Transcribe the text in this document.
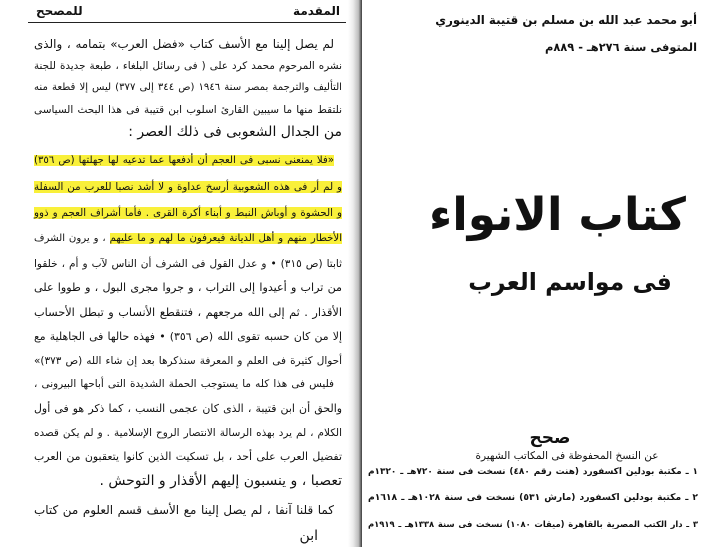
للمصحح	المقدمة
لم يصل إلينا مع الأسف كتاب «فضل العرب» بتمامه ، والذى
نشره المرحوم محمد كرد على ( فى رسائل البلغاء ، طبعة جديدة للجنة
التأليف والترجمة بمصر سنة ١٩٤٦ (ص ٣٤٤ إلى ٣٧٧) ليس إلا قطعة منه
نلتقط منها ما سيبين القارئ اسلوب ابن قتيبة فى هذا البحث السياسى
من الجدال الشعوبى فى ذلك العصر :
«فلا يمنعنى نسبى فى العجم أن أدفعها عما تدعيه لها جهلتها (ص ٣٥٦)
و لم أر فى هذه الشعوبية أرسخ عداوة و لا أشد نصبا للعرب من السفلة
و الحشوة و أوباش النبط و أبناء أكرة القرى . فأما أشراف العجم و ذوو
الأخطار منهم و أهل الديانة فيعرفون ما لهم و ما عليهم ، و يرون الشرف
ثابتا (ص ٣١٥) • و عدل القول فى الشرف أن الناس لآب و أم ، خلقوا
من تراب و أعيدوا إلى التراب ، و جروا مجرى البول ، و طووا على
الأقذار . ثم إلى الله مرجعهم ، فتنقطع الأنساب و تبطل الأحساب
إلا من كان حسبه تقوى الله (ص ٣٥٦) • فهذه حالها فى الجاهلية مع
أحوال كثيرة فى العلم و المعرفة سنذكرها بعد إن شاء الله (ص ٣٧٣)»
فليس فى هذا كله ما يستوجب الحملة الشديدة التى أباحها البيرونى ،
والحق أن ابن قتيبة ، الذى كان عجمى النسب ، كما ذكر هو فى أول
الكلام ، لم يرد بهذه الرسالة الانتصار الروح الإسلامية . و لم يكن قصده
تفضيل العرب على أحد ، بل تسكيت الذين كانوا يتعقبون من العرب
تعصبا ، و ينسبون إليهم الأقذار و التوحش .
كما قلنا آنفا ، لم يصل إلينا مع الأسف قسم العلوم من كتاب
ابن
أبو محمد عبد الله بن مسلم بن قتيبة الدينوري
المتوفى سنة ٢٧٦هـ - ٨٨٩م
كتاب الانواء
فى مواسم العرب
صحح
عن النسخ المحفوظة فى المكاتب الشهيرة
١ ـ مكتبة بودلين اكسفورد (هنت رقم ٤٨٠) نسخت فى سنة ٧٢٠هـ ـ ١٣٢٠م
٢ ـ مكتبة بودلين اكسفورد (مارش ٥٣١) نسخت فى سنة ١٠٢٨هـ ـ ١٦١٨م
٣ ـ دار الكتب المصرية بالقاهرة (ميقات ١٠٨٠) نسخت فى سنة ١٣٣٨هـ ـ ١٩١٩م
